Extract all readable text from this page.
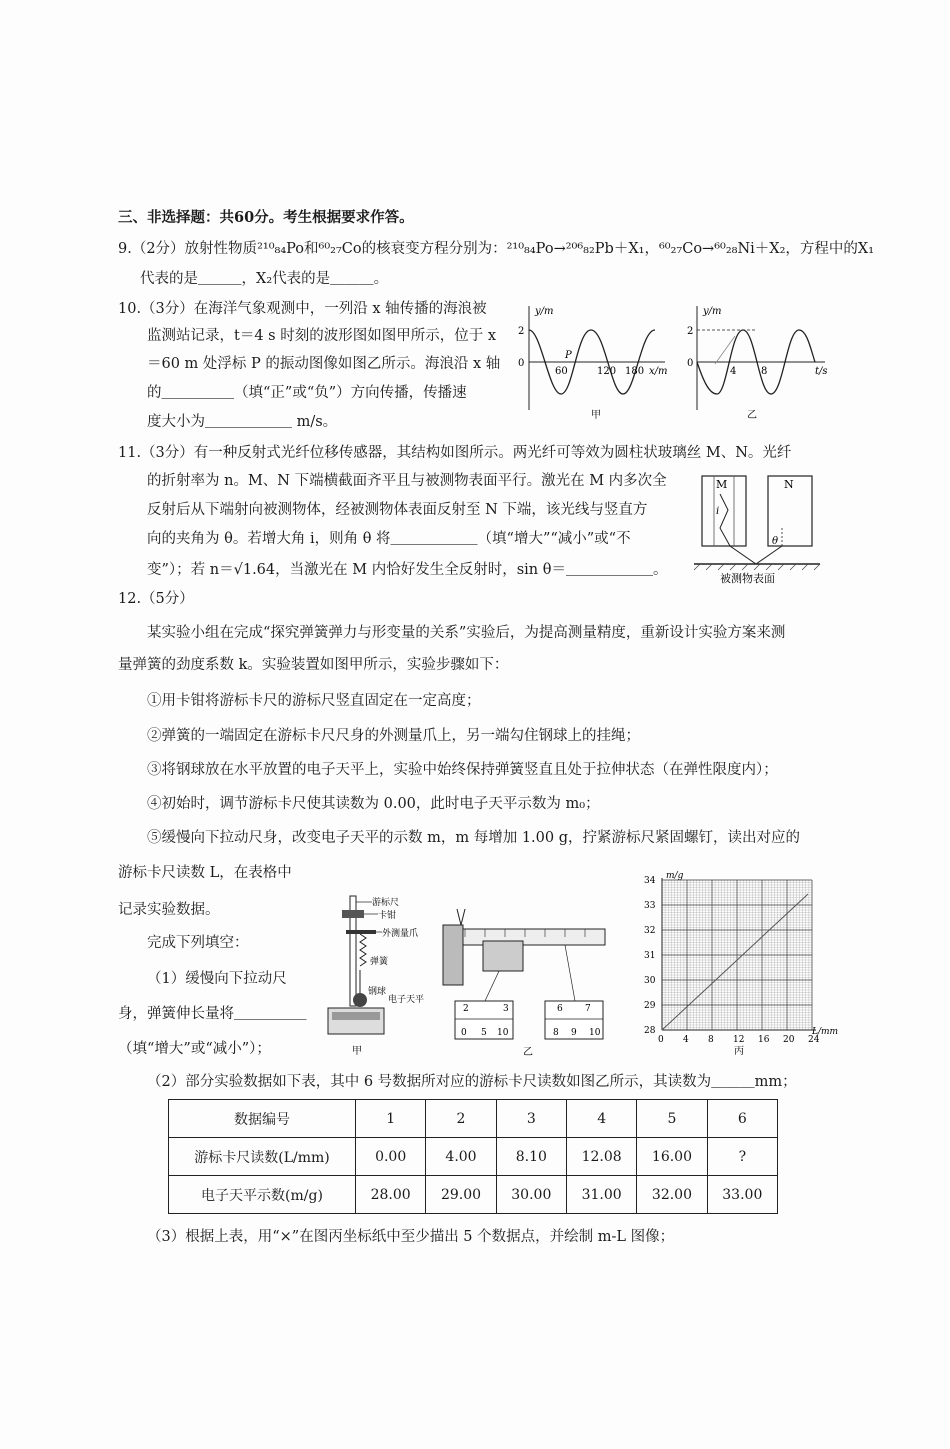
三、非选择题：共60分。考生根据要求作答。
9.（2分）放射性物质²¹⁰₈₄Po和⁶⁰₂₇Co的核衰变方程分别为：²¹⁰₈₄Po→²⁰⁶₈₂Pb＋X₁，⁶⁰₂₇Co→⁶⁰₂₈Ni＋X₂，方程中的X₁
代表的是＿＿＿，X₂代表的是＿＿＿。
10.（3分）在海洋气象观测中，一列沿 x 轴传播的海浪被
监测站记录，t＝4 s 时刻的波形图如图甲所示，位于 x
＝60 m 处浮标 P 的振动图像如图乙所示。海浪沿 x 轴
的＿＿＿＿＿（填“正”或“负”）方向传播，传播速
度大小为＿＿＿＿＿＿ m/s。
y/m
2
0
60	120 180 x/m
P
甲
y/m
2
0
4 8	t/s
乙
11.（3分）有一种反射式光纤位移传感器，其结构如图所示。两光纤可等效为圆柱状玻璃丝 M、N。光纤
的折射率为 n。M、N 下端横截面齐平且与被测物表面平行。激光在 M 内多次全
反射后从下端射向被测物体，经被测物体表面反射至 N 下端，该光线与竖直方
向的夹角为 θ。若增大角 i，则角 θ 将＿＿＿＿＿＿（填“增大”“减小”或“不
变”）；若 n＝√1.64，当激光在 M 内恰好发生全反射时，sin θ＝＿＿＿＿＿＿。
M	N
i
θ
被测物表面
12.（5分）
某实验小组在完成“探究弹簧弹力与形变量的关系”实验后，为提高测量精度，重新设计实验方案来测
量弹簧的劲度系数 k。实验装置如图甲所示，实验步骤如下：
①用卡钳将游标卡尺的游标尺竖直固定在一定高度；
②弹簧的一端固定在游标卡尺尺身的外测量爪上，另一端勾住钢球上的挂绳；
③将钢球放在水平放置的电子天平上，实验中始终保持弹簧竖直且处于拉伸状态（在弹性限度内）；
④初始时，调节游标卡尺使其读数为 0.00，此时电子天平示数为 m₀；
⑤缓慢向下拉动尺身，改变电子天平的示数 m，m 每增加 1.00 g，拧紧游标尺紧固螺钉，读出对应的
游标卡尺读数 L，在表格中
记录实验数据。
完成下列填空：
（1）缓慢向下拉动尺
身，弹簧伸长量将＿＿＿＿＿
（填“增大”或“减小”）；
游标尺
卡钳
外测量爪
弹簧
钢球
电子天平
甲
2	3
0 5 10
6 7
8 9 10
乙
28
29
30
31
32
33
34
0 4 8 12 16 20 24
m/g
L/mm
丙
（2）部分实验数据如下表，其中 6 号数据所对应的游标卡尺读数如图乙所示，其读数为＿＿＿mm；
数据编号	1	2	3	4	5	6
游标卡尺读数(L/mm)	0.00	4.00	8.10	12.08	16.00	?
电子天平示数(m/g)	28.00	29.00	30.00	31.00	32.00	33.00
（3）根据上表，用“×”在图丙坐标纸中至少描出 5 个数据点，并绘制 m-L 图像；
